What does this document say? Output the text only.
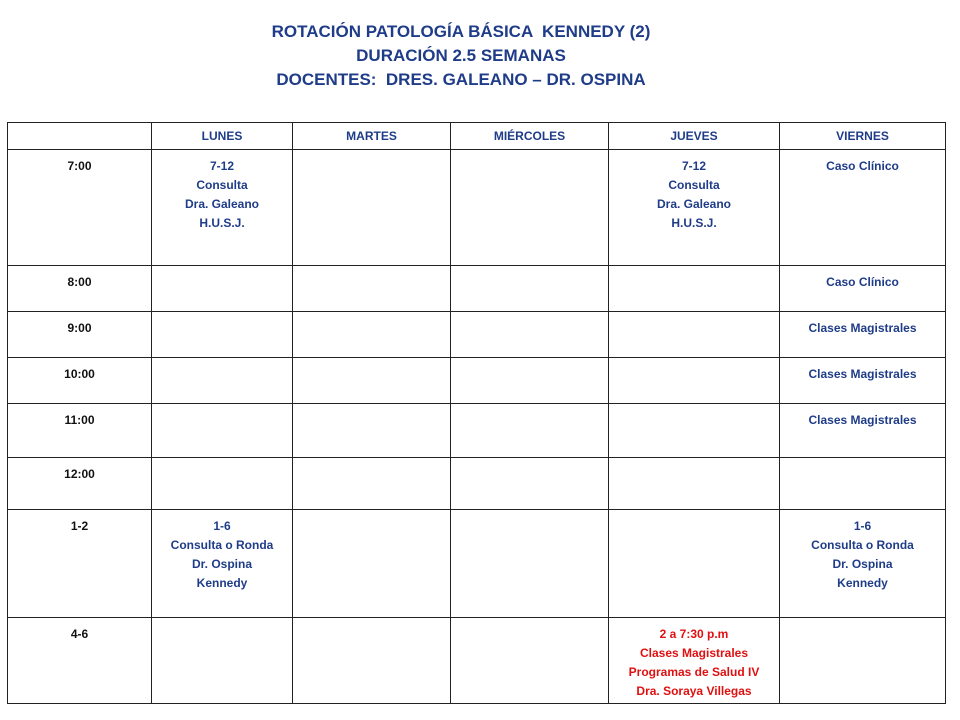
ROTACIÓN PATOLOGÍA BÁSICA  KENNEDY (2)
DURACIÓN 2.5 SEMANAS
DOCENTES:  DRES. GALEANO – DR. OSPINA
	LUNES	MARTES	MIÉRCOLES	JUEVES	VIERNES
7:00	7-12
Consulta
Dra. Galeano
H.U.S.J.			7-12
Consulta
Dra. Galeano
H.U.S.J.	Caso Clínico

8:00					Caso Clínico

9:00					Clases Magistrales

10:00					Clases Magistrales

11:00					Clases Magistrales

12:00					
1-2	1-6
Consulta o Ronda
Dr. Ospina
Kennedy				1-6
Consulta o Ronda
Dr. Ospina
Kennedy

4-6				2 a 7:30 p.m
Clases Magistrales
Programas de Salud IV
Dra. Soraya Villegas	
